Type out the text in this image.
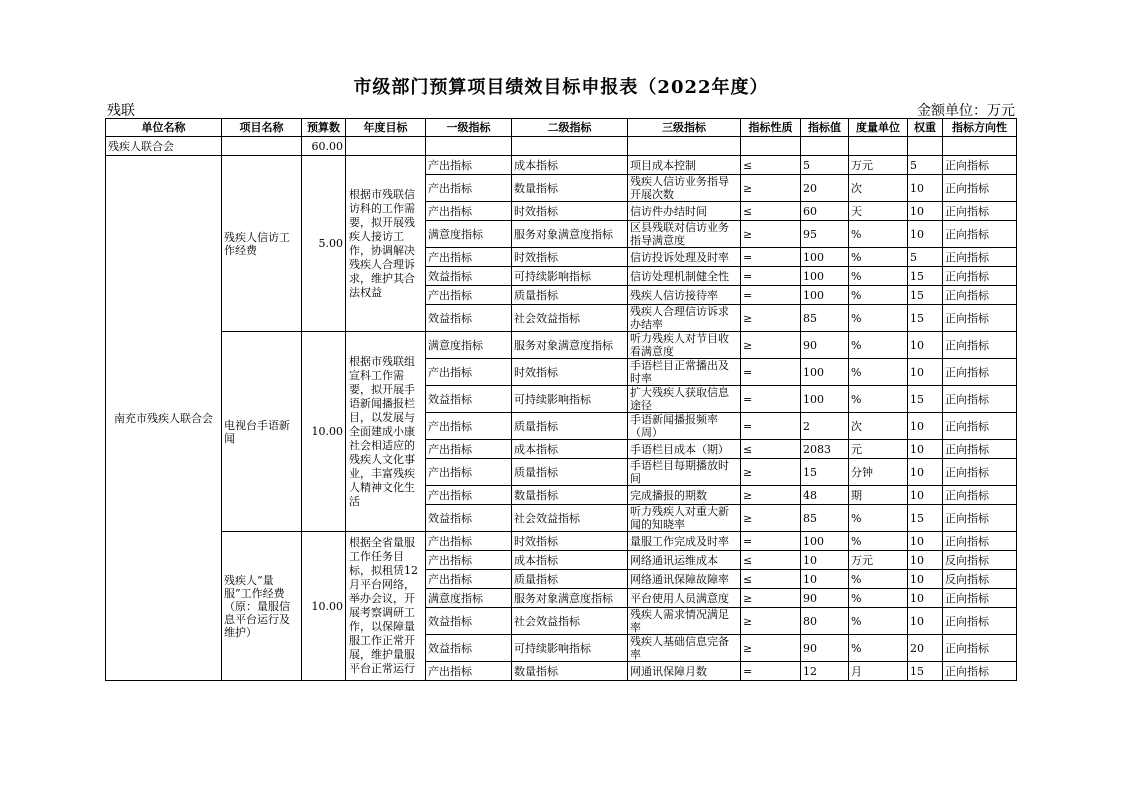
市级部门预算项目绩效目标申报表（2022年度）
残联	金额单位：万元
单位名称	项目名称	预算数	年度目标	一级指标	二级指标	三级指标	指标性质	指标值	度量单位	权重	指标方向性
残疾人联合会		60.00									
南充市残疾人联合会	残疾人信访工作经费	5.00	根据市残联信访科的工作需要，拟开展残疾人接访工作，协调解决残疾人合理诉求，维护其合法权益	产出指标	成本指标	项目成本控制	≤	5	万元	5	正向指标
				产出指标	数量指标	残疾人信访业务指导开展次数	≥	20	次	10	正向指标
				产出指标	时效指标	信访件办结时间	≤	60	天	10	正向指标
				满意度指标	服务对象满意度指标	区县残联对信访业务指导满意度	≥	95	%	10	正向指标
				产出指标	时效指标	信访投诉处理及时率	=	100	%	5	正向指标
				效益指标	可持续影响指标	信访处理机制健全性	=	100	%	15	正向指标
				产出指标	质量指标	残疾人信访接待率	=	100	%	15	正向指标
				效益指标	社会效益指标	残疾人合理信访诉求办结率	≥	85	%	15	正向指标
	电视台手语新闻	10.00	根据市残联组宣科工作需要，拟开展手语新闻播报栏目，以发展与全面建成小康社会相适应的残疾人文化事业，丰富残疾人精神文化生活	满意度指标	服务对象满意度指标	听力残疾人对节目收看满意度	≥	90	%	10	正向指标
				产出指标	时效指标	手语栏目正常播出及时率	=	100	%	10	正向指标
				效益指标	可持续影响指标	扩大残疾人获取信息途径	=	100	%	15	正向指标
				产出指标	质量指标	手语新闻播报频率（周）	=	2	次	10	正向指标
				产出指标	成本指标	手语栏目成本（期）	≤	2083	元	10	正向指标
				产出指标	质量指标	手语栏目每期播放时间	≥	15	分钟	10	正向指标
				产出指标	数量指标	完成播报的期数	≥	48	期	10	正向指标
				效益指标	社会效益指标	听力残疾人对重大新闻的知晓率	≥	85	%	15	正向指标
	残疾人“量服”工作经费（原：量服信息平台运行及维护）	10.00	根据全省量服工作任务目标，拟租赁12月平台网络，举办会议，开展考察调研工作，以保障量服工作正常开展，维护量服平台正常运行	产出指标	时效指标	量服工作完成及时率	=	100	%	10	正向指标
				产出指标	成本指标	网络通讯运维成本	≤	10	万元	10	反向指标
				产出指标	质量指标	网络通讯保障故障率	≤	10	%	10	反向指标
				满意度指标	服务对象满意度指标	平台使用人员满意度	≥	90	%	10	正向指标
				效益指标	社会效益指标	残疾人需求情况满足率	≥	80	%	10	正向指标
				效益指标	可持续影响指标	残疾人基础信息完备率	≥	90	%	20	正向指标
				产出指标	数量指标	网通讯保障月数	=	12	月	15	正向指标
